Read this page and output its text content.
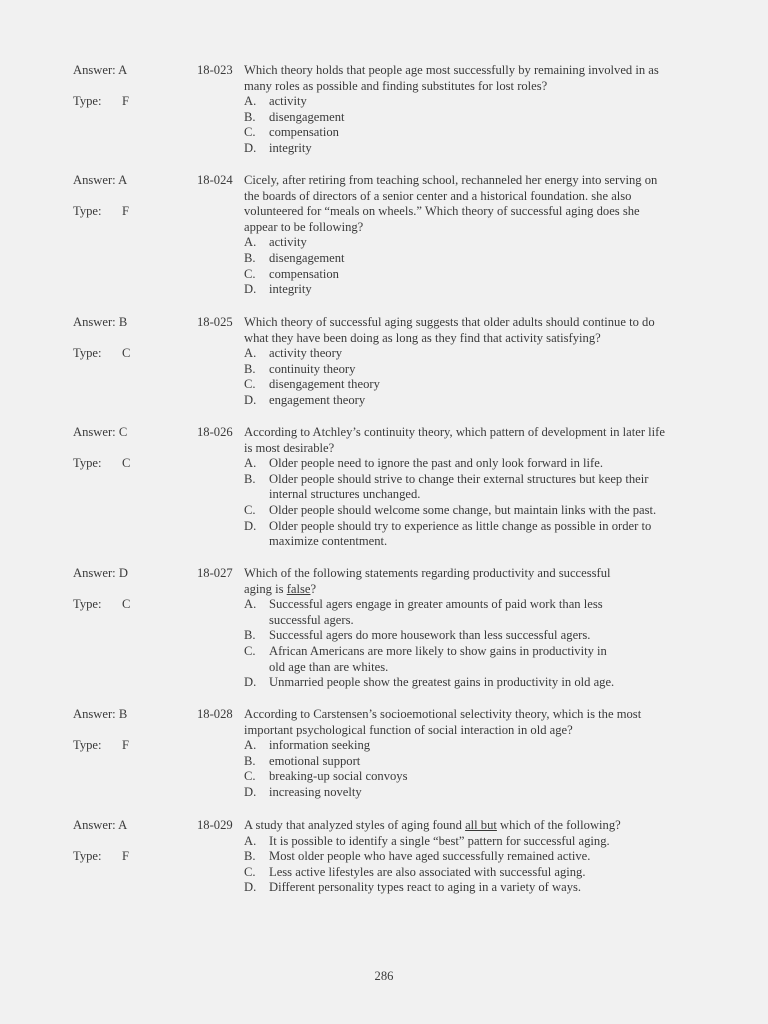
Answer: A
Type: F
18-023 Which theory holds that people age most successfully by remaining involved in as
many roles as possible and finding substitutes for lost roles?

A. activity
B. disengagement
C. compensation
D. integrity
Answer: A
Type: F
18-024 Cicely, after retiring from teaching school, rechanneled her energy into serving on
the boards of directors of a senior center and a historical foundation. she also
volunteered for “meals on wheels.” Which theory of successful aging does she
appear to be following?

A. activity
B. disengagement
C. compensation
D. integrity
Answer: B
Type: C
18-025 Which theory of successful aging suggests that older adults should continue to do
what they have been doing as long as they find that activity satisfying?

A. activity theory
B. continuity theory
C. disengagement theory
D. engagement theory
Answer: C
Type: C
18-026 According to Atchley’s continuity theory, which pattern of development in later life
is most desirable?

A. Older people need to ignore the past and only look forward in life.
B. Older people should strive to change their external structures but keep their
internal structures unchanged.
C. Older people should welcome some change, but maintain links with the past.
D. Older people should try to experience as little change as possible in order to
maximize contentment.
Answer: D
Type: C
18-027 Which of the following statements regarding productivity and successful
aging is false?

A. Successful agers engage in greater amounts of paid work than less
successful agers.
B. Successful agers do more housework than less successful agers.
C. African Americans are more likely to show gains in productivity in
old age than are whites.
D. Unmarried people show the greatest gains in productivity in old age.
Answer: B
Type: F
18-028 According to Carstensen’s socioemotional selectivity theory, which is the most
important psychological function of social interaction in old age?

A. information seeking
B. emotional support
C. breaking-up social convoys
D. increasing novelty
Answer: A
Type: F
18-029 A study that analyzed styles of aging found all but which of the following?

A. It is possible to identify a single “best” pattern for successful aging.
B. Most older people who have aged successfully remained active.
C. Less active lifestyles are also associated with successful aging.
D. Different personality types react to aging in a variety of ways.
286
